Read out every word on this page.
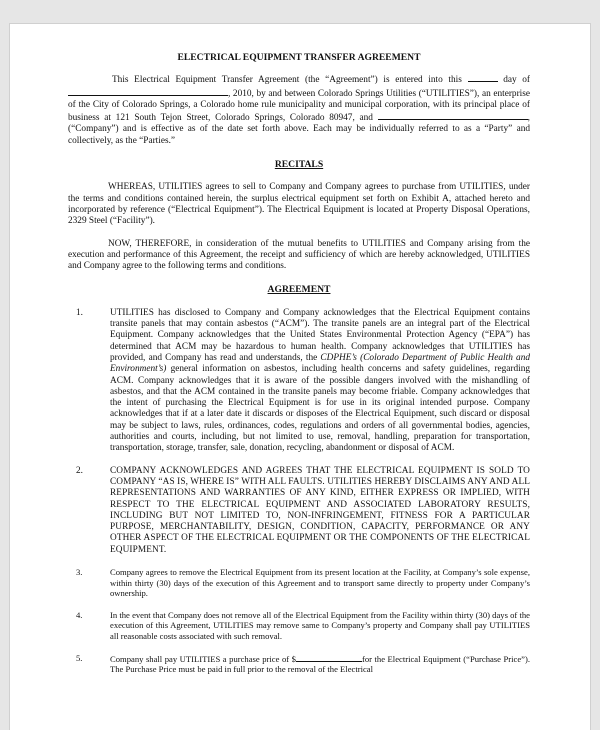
ELECTRICAL EQUIPMENT TRANSFER AGREEMENT

This Electrical Equipment Transfer Agreement (the “Agreement”) is entered into this	day of , 2010, by and between Colorado Springs Utilities (“UTILITIES”), an enterprise of the City of Colorado Springs, a Colorado home rule municipality and municipal corporation, with its principal place of business at 121 South Tejon Street, Colorado Springs, Colorado 80947, and	, (“Company”) and is effective as of the date set forth above. Each may be individually referred to as a “Party” and collectively, as the “Parties.”

RECITALS

WHEREAS, UTILITIES agrees to sell to Company and Company agrees to purchase from UTILITIES, under the terms and conditions contained herein, the surplus electrical equipment set forth on Exhibit A, attached hereto and incorporated by reference (“Electrical Equipment”). The Electrical Equipment is located at Property Disposal Operations, 2329 Steel (“Facility”).

NOW, THEREFORE, in consideration of the mutual benefits to UTILITIES and Company arising from the execution and performance of this Agreement, the receipt and sufficiency of which are hereby acknowledged, UTILITIES and Company agree to the following terms and conditions.

AGREEMENT

1.	UTILITIES has disclosed to Company and Company acknowledges that the Electrical Equipment contains transite panels that may contain asbestos (“ACM”). The transite panels are an integral part of the Electrical Equipment. Company acknowledges that the United States Environmental Protection Agency (“EPA”) has determined that ACM may be hazardous to human health. Company acknowledges that UTILITIES has provided, and Company has read and understands, the CDPHE’s (Colorado Department of Public Health and Environment’s) general information on asbestos, including health concerns and safety guidelines, regarding ACM. Company acknowledges that it is aware of the possible dangers involved with the mishandling of asbestos, and that the ACM contained in the transite panels may become friable. Company acknowledges that the intent of purchasing the Electrical Equipment is for use in its original intended purpose. Company acknowledges that if at a later date it discards or disposes of the Electrical Equipment, such discard or disposal may be subject to laws, rules, ordinances, codes, regulations and orders of all governmental bodies, agencies, authorities and courts, including, but not limited to use, removal, handling, preparation for transportation, transportation, storage, transfer, sale, donation, recycling, abandonment or disposal of ACM.
2.	COMPANY ACKNOWLEDGES AND AGREES THAT THE ELECTRICAL EQUIPMENT IS SOLD TO COMPANY “AS IS, WHERE IS” WITH ALL FAULTS. UTILITIES HEREBY DISCLAIMS ANY AND ALL REPRESENTATIONS AND WARRANTIES OF ANY KIND, EITHER EXPRESS OR IMPLIED, WITH RESPECT TO THE ELECTRICAL EQUIPMENT AND ASSOCIATED LABORATORY RESULTS, INCLUDING BUT NOT LIMITED TO, NON-INFRINGEMENT, FITNESS FOR A PARTICULAR PURPOSE, MERCHANTABILITY, DESIGN, CONDITION, CAPACITY, PERFORMANCE OR ANY OTHER ASPECT OF THE ELECTRICAL EQUIPMENT OR THE COMPONENTS OF THE ELECTRICAL EQUIPMENT.
3.	Company agrees to remove the Electrical Equipment from its present location at the Facility, at Company’s sole expense, within thirty (30) days of the execution of this Agreement and to transport same directly to property under Company’s ownership.
4.	In the event that Company does not remove all of the Electrical Equipment from the Facility within thirty (30) days of the execution of this Agreement, UTILITIES may remove same to Company’s property and Company shall pay UTILITIES all reasonable costs associated with such removal.
5.	Company shall pay UTILITIES a purchase price of $	for the Electrical Equipment (“Purchase Price”). The Purchase Price must be paid in full prior to the removal of the Electrical
